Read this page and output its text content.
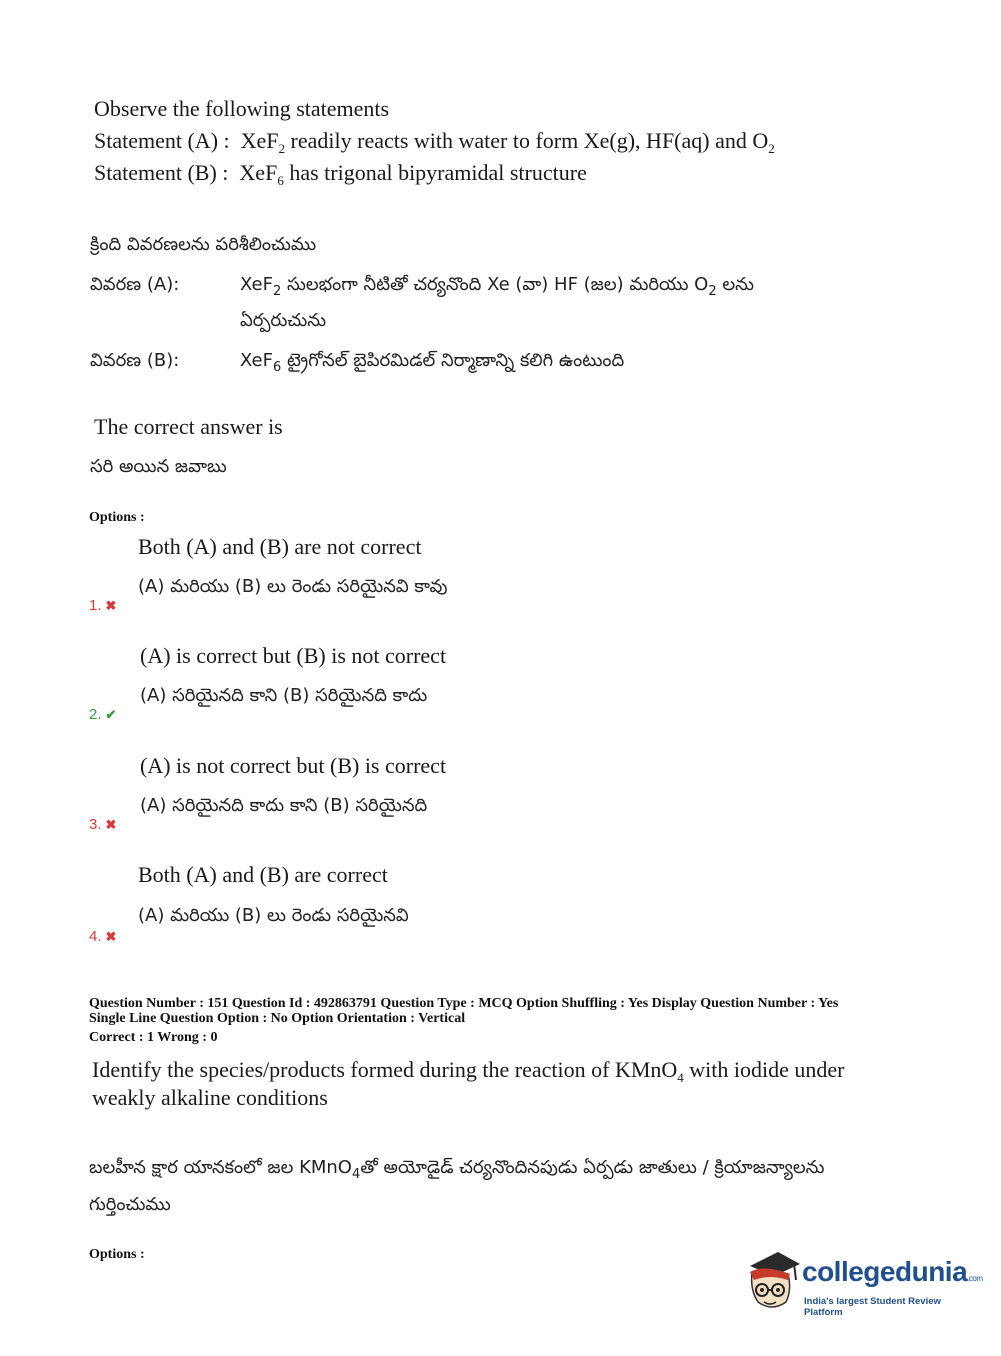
Observe the following statements
Statement (A) : XeF$_2$ readily reacts with water to form Xe(g), HF(aq) and $O_2$
Statement (B) : XeF$_6$ has trigonal bipyramidal structure
క్రింది వివరణలను పరిశీలించుము
వివరణ (A):	XeF$_2$ సులభంగా నీటితో చర్యనొంది Xe (వా) HF (జల) మరియు $O_2$ లను
ఏర్పరుచును
వివరణ (B):	XeF$_6$ ట్రైగోనల్ బైపిరమిడల్ నిర్మాణాన్ని కలిగి ఉంటుంది
The correct answer is
సరి అయిన జవాబు
Options :
Both (A) and (B) are not correct
(A) మరియు (B) లు రెండు సరియైనవి కావు
1. ✖
(A) is correct but (B) is not correct
(A) సరియైనది కాని (B) సరియైనది కాదు
2. ✔
(A) is not correct but (B) is correct
(A) సరియైనది కాదు కాని (B) సరియైనది
3. ✖
Both (A) and (B) are correct
(A) మరియు (B) లు రెండు సరియైనవి
4. ✖
Question Number : 151 Question Id : 492863791 Question Type : MCQ Option Shuffling : Yes Display Question Number : Yes
Single Line Question Option : No Option Orientation : Vertical
Correct : 1 Wrong : 0
Identify the species/products formed during the reaction of KMnO$_4$ with iodide under
weakly alkaline conditions
బలహీన క్షార యానకంలో జల KMnO$_4$తో అయోడైడ్ చర్యనొందినపుడు ఏర్పడు జాతులు / క్రియాజన్యాలను
గుర్తించుము
Options :
collegedunia.com
India's largest Student Review Platform
